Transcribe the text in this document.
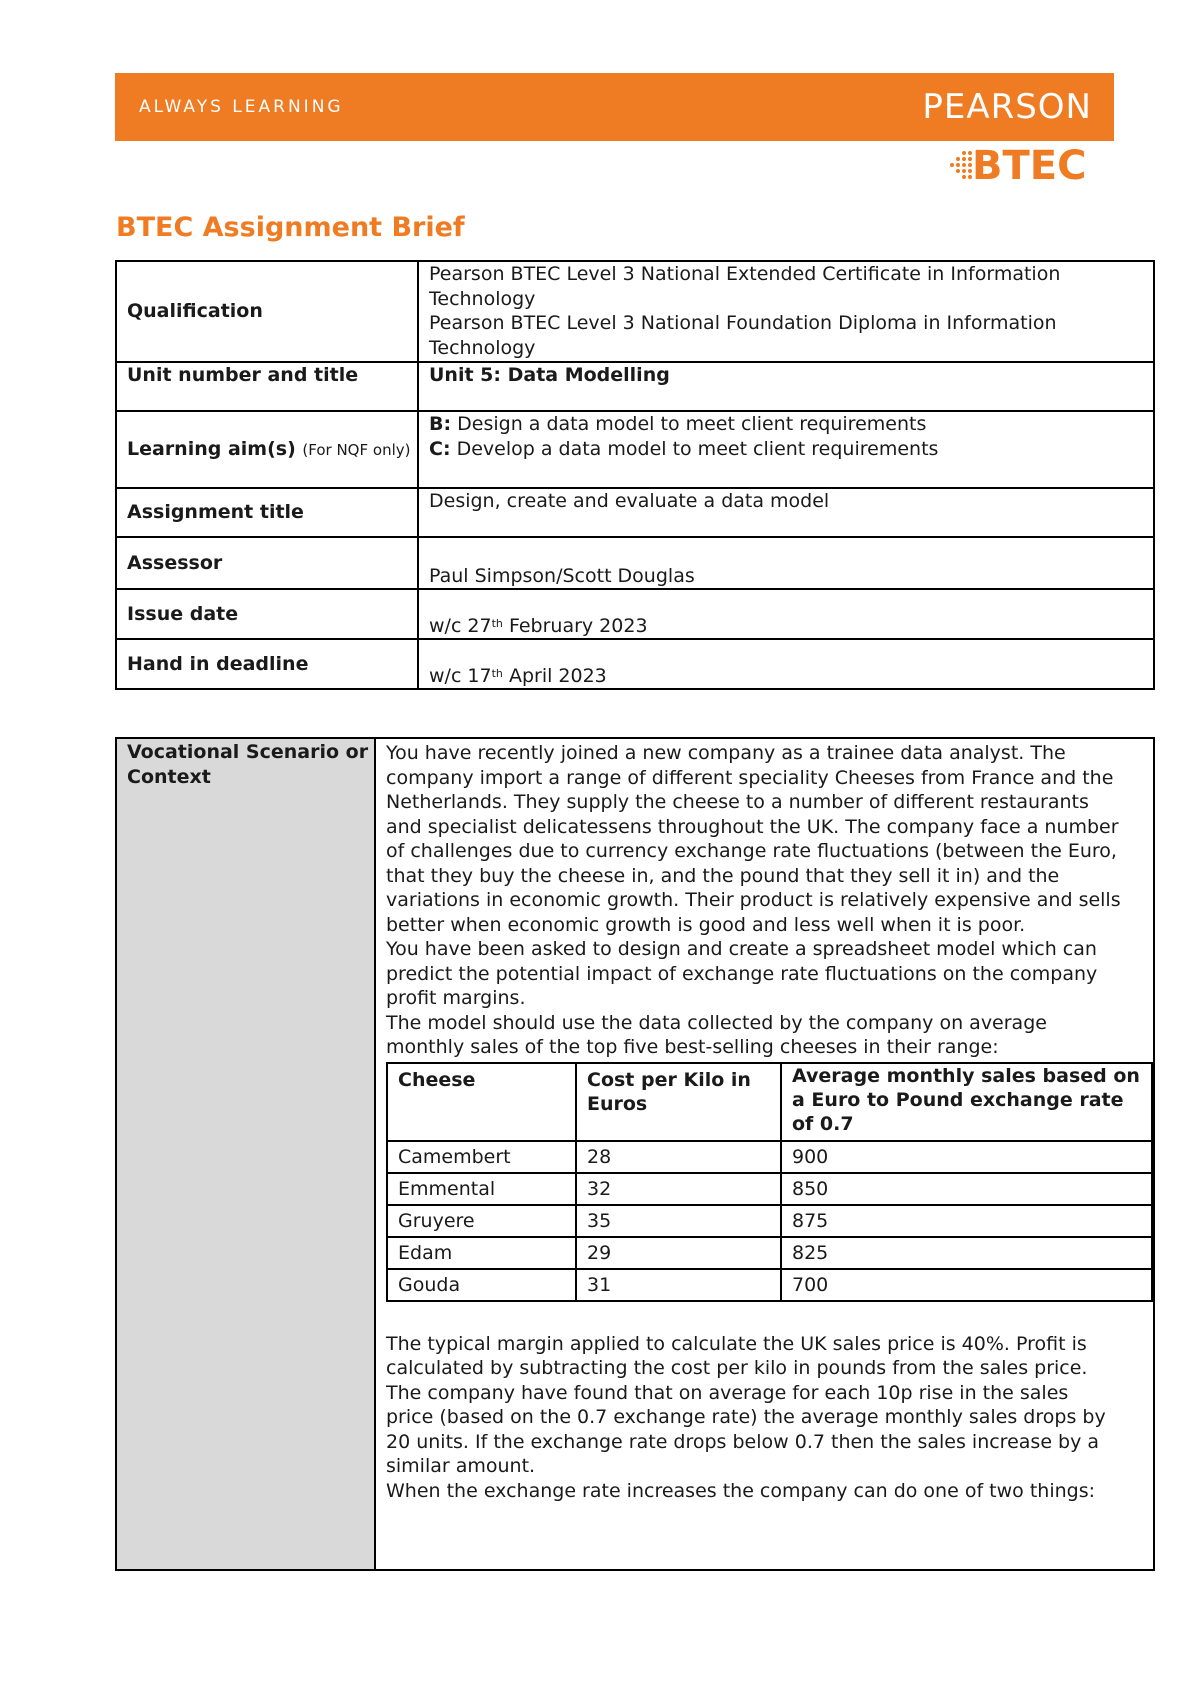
ALWAYS LEARNING	PEARSON
BTEC
BTEC Assignment Brief
Qualification	Pearson BTEC Level 3 National Extended Certificate in Information Technology
Pearson BTEC Level 3 National Foundation Diploma in Information Technology

Unit number and title	Unit 5: Data Modelling
Learning aim(s) (For NQF only)	B: Design a data model to meet client requirements
C: Develop a data model to meet client requirements

Assignment title	Design, create and evaluate a data model
Assessor	Paul Simpson/Scott Douglas
Issue date	w/c 27th February 2023
Hand in deadline	w/c 17th April 2023
Vocational Scenario or Context	
You have recently joined a new company as a trainee data analyst. The company import a range of different speciality Cheeses from France and the Netherlands. They supply the cheese to a number of different restaurants and specialist delicatessens throughout the UK. The company face a number of challenges due to currency exchange rate fluctuations (between the Euro, that they buy the cheese in, and the pound that they sell it in) and the variations in economic growth. Their product is relatively expensive and sells better when economic growth is good and less well when it is poor.
You have been asked to design and create a spreadsheet model which can predict the potential impact of exchange rate fluctuations on the company profit margins.
The model should use the data collected by the company on average monthly sales of the top five best-selling cheeses in their range:
Cheese	Cost per Kilo in Euros	Average monthly sales based on a Euro to Pound exchange rate of 0.7
Camembert	28	900
Emmental	32	850
Gruyere	35	875
Edam	29	825
Gouda	31	700
The typical margin applied to calculate the UK sales price is 40%. Profit is calculated by subtracting the cost per kilo in pounds from the sales price. The company have found that on average for each 10p rise in the sales price (based on the 0.7 exchange rate) the average monthly sales drops by 20 units. If the exchange rate drops below 0.7 then the sales increase by a similar amount.
When the exchange rate increases the company can do one of two things:
